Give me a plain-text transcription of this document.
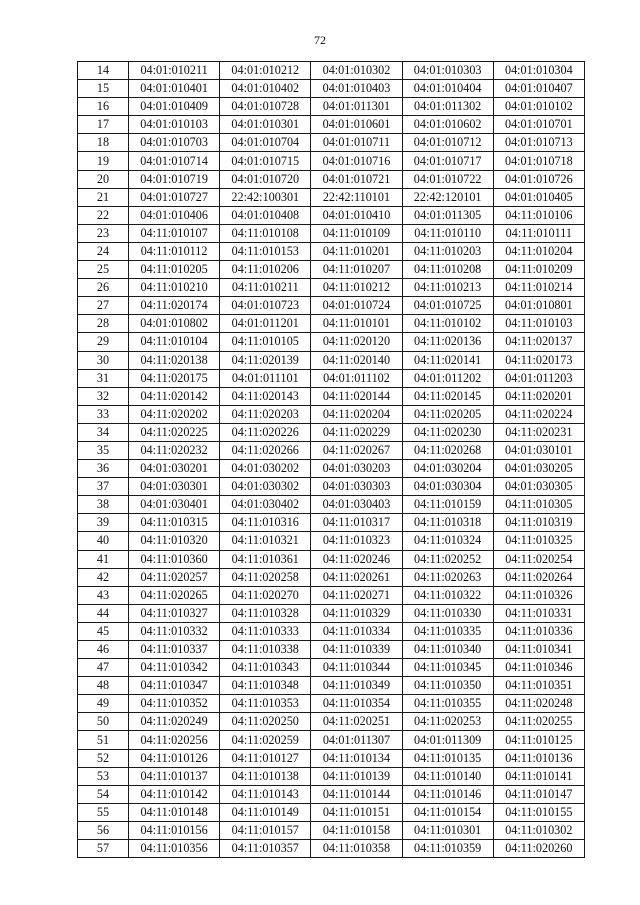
72
14	04:01:010211	04:01:010212	04:01:010302	04:01:010303	04:01:010304
15	04:01:010401	04:01:010402	04:01:010403	04:01:010404	04:01:010407
16	04:01:010409	04:01:010728	04:01:011301	04:01:011302	04:01:010102
17	04:01:010103	04:01:010301	04:01:010601	04:01:010602	04:01:010701
18	04:01:010703	04:01:010704	04:01:010711	04:01:010712	04:01:010713
19	04:01:010714	04:01:010715	04:01:010716	04:01:010717	04:01:010718
20	04:01:010719	04:01:010720	04:01:010721	04:01:010722	04:01:010726
21	04:01:010727	22:42:100301	22:42:110101	22:42:120101	04:01:010405
22	04:01:010406	04:01:010408	04:01:010410	04:01:011305	04:11:010106
23	04:11:010107	04:11:010108	04:11:010109	04:11:010110	04:11:010111
24	04:11:010112	04:11:010153	04:11:010201	04:11:010203	04:11:010204
25	04:11:010205	04:11:010206	04:11:010207	04:11:010208	04:11:010209
26	04:11:010210	04:11:010211	04:11:010212	04:11:010213	04:11:010214
27	04:11:020174	04:01:010723	04:01:010724	04:01:010725	04:01:010801
28	04:01:010802	04:01:011201	04:11:010101	04:11:010102	04:11:010103
29	04:11:010104	04:11:010105	04:11:020120	04:11:020136	04:11:020137
30	04:11:020138	04:11:020139	04:11:020140	04:11:020141	04:11:020173
31	04:11:020175	04:01:011101	04:01:011102	04:01:011202	04:01:011203
32	04:11:020142	04:11:020143	04:11:020144	04:11:020145	04:11:020201
33	04:11:020202	04:11:020203	04:11:020204	04:11:020205	04:11:020224
34	04:11:020225	04:11:020226	04:11:020229	04:11:020230	04:11:020231
35	04:11:020232	04:11:020266	04:11:020267	04:11:020268	04:01:030101
36	04:01:030201	04:01:030202	04:01:030203	04:01:030204	04:01:030205
37	04:01:030301	04:01:030302	04:01:030303	04:01:030304	04:01:030305
38	04:01:030401	04:01:030402	04:01:030403	04:11:010159	04:11:010305
39	04:11:010315	04:11:010316	04:11:010317	04:11:010318	04:11:010319
40	04:11:010320	04:11:010321	04:11:010323	04:11:010324	04:11:010325
41	04:11:010360	04:11:010361	04:11:020246	04:11:020252	04:11:020254
42	04:11:020257	04:11:020258	04:11:020261	04:11:020263	04:11:020264
43	04:11:020265	04:11:020270	04:11:020271	04:11:010322	04:11:010326
44	04:11:010327	04:11:010328	04:11:010329	04:11:010330	04:11:010331
45	04:11:010332	04:11:010333	04:11:010334	04:11:010335	04:11:010336
46	04:11:010337	04:11:010338	04:11:010339	04:11:010340	04:11:010341
47	04:11:010342	04:11:010343	04:11:010344	04:11:010345	04:11:010346
48	04:11:010347	04:11:010348	04:11:010349	04:11:010350	04:11:010351
49	04:11:010352	04:11:010353	04:11:010354	04:11:010355	04:11:020248
50	04:11:020249	04:11:020250	04:11:020251	04:11:020253	04:11:020255
51	04:11:020256	04:11:020259	04:01:011307	04:01:011309	04:11:010125
52	04:11:010126	04:11:010127	04:11:010134	04:11:010135	04:11:010136
53	04:11:010137	04:11:010138	04:11:010139	04:11:010140	04:11:010141
54	04:11:010142	04:11:010143	04:11:010144	04:11:010146	04:11:010147
55	04:11:010148	04:11:010149	04:11:010151	04:11:010154	04:11:010155
56	04:11:010156	04:11:010157	04:11:010158	04:11:010301	04:11:010302
57	04:11:010356	04:11:010357	04:11:010358	04:11:010359	04:11:020260
